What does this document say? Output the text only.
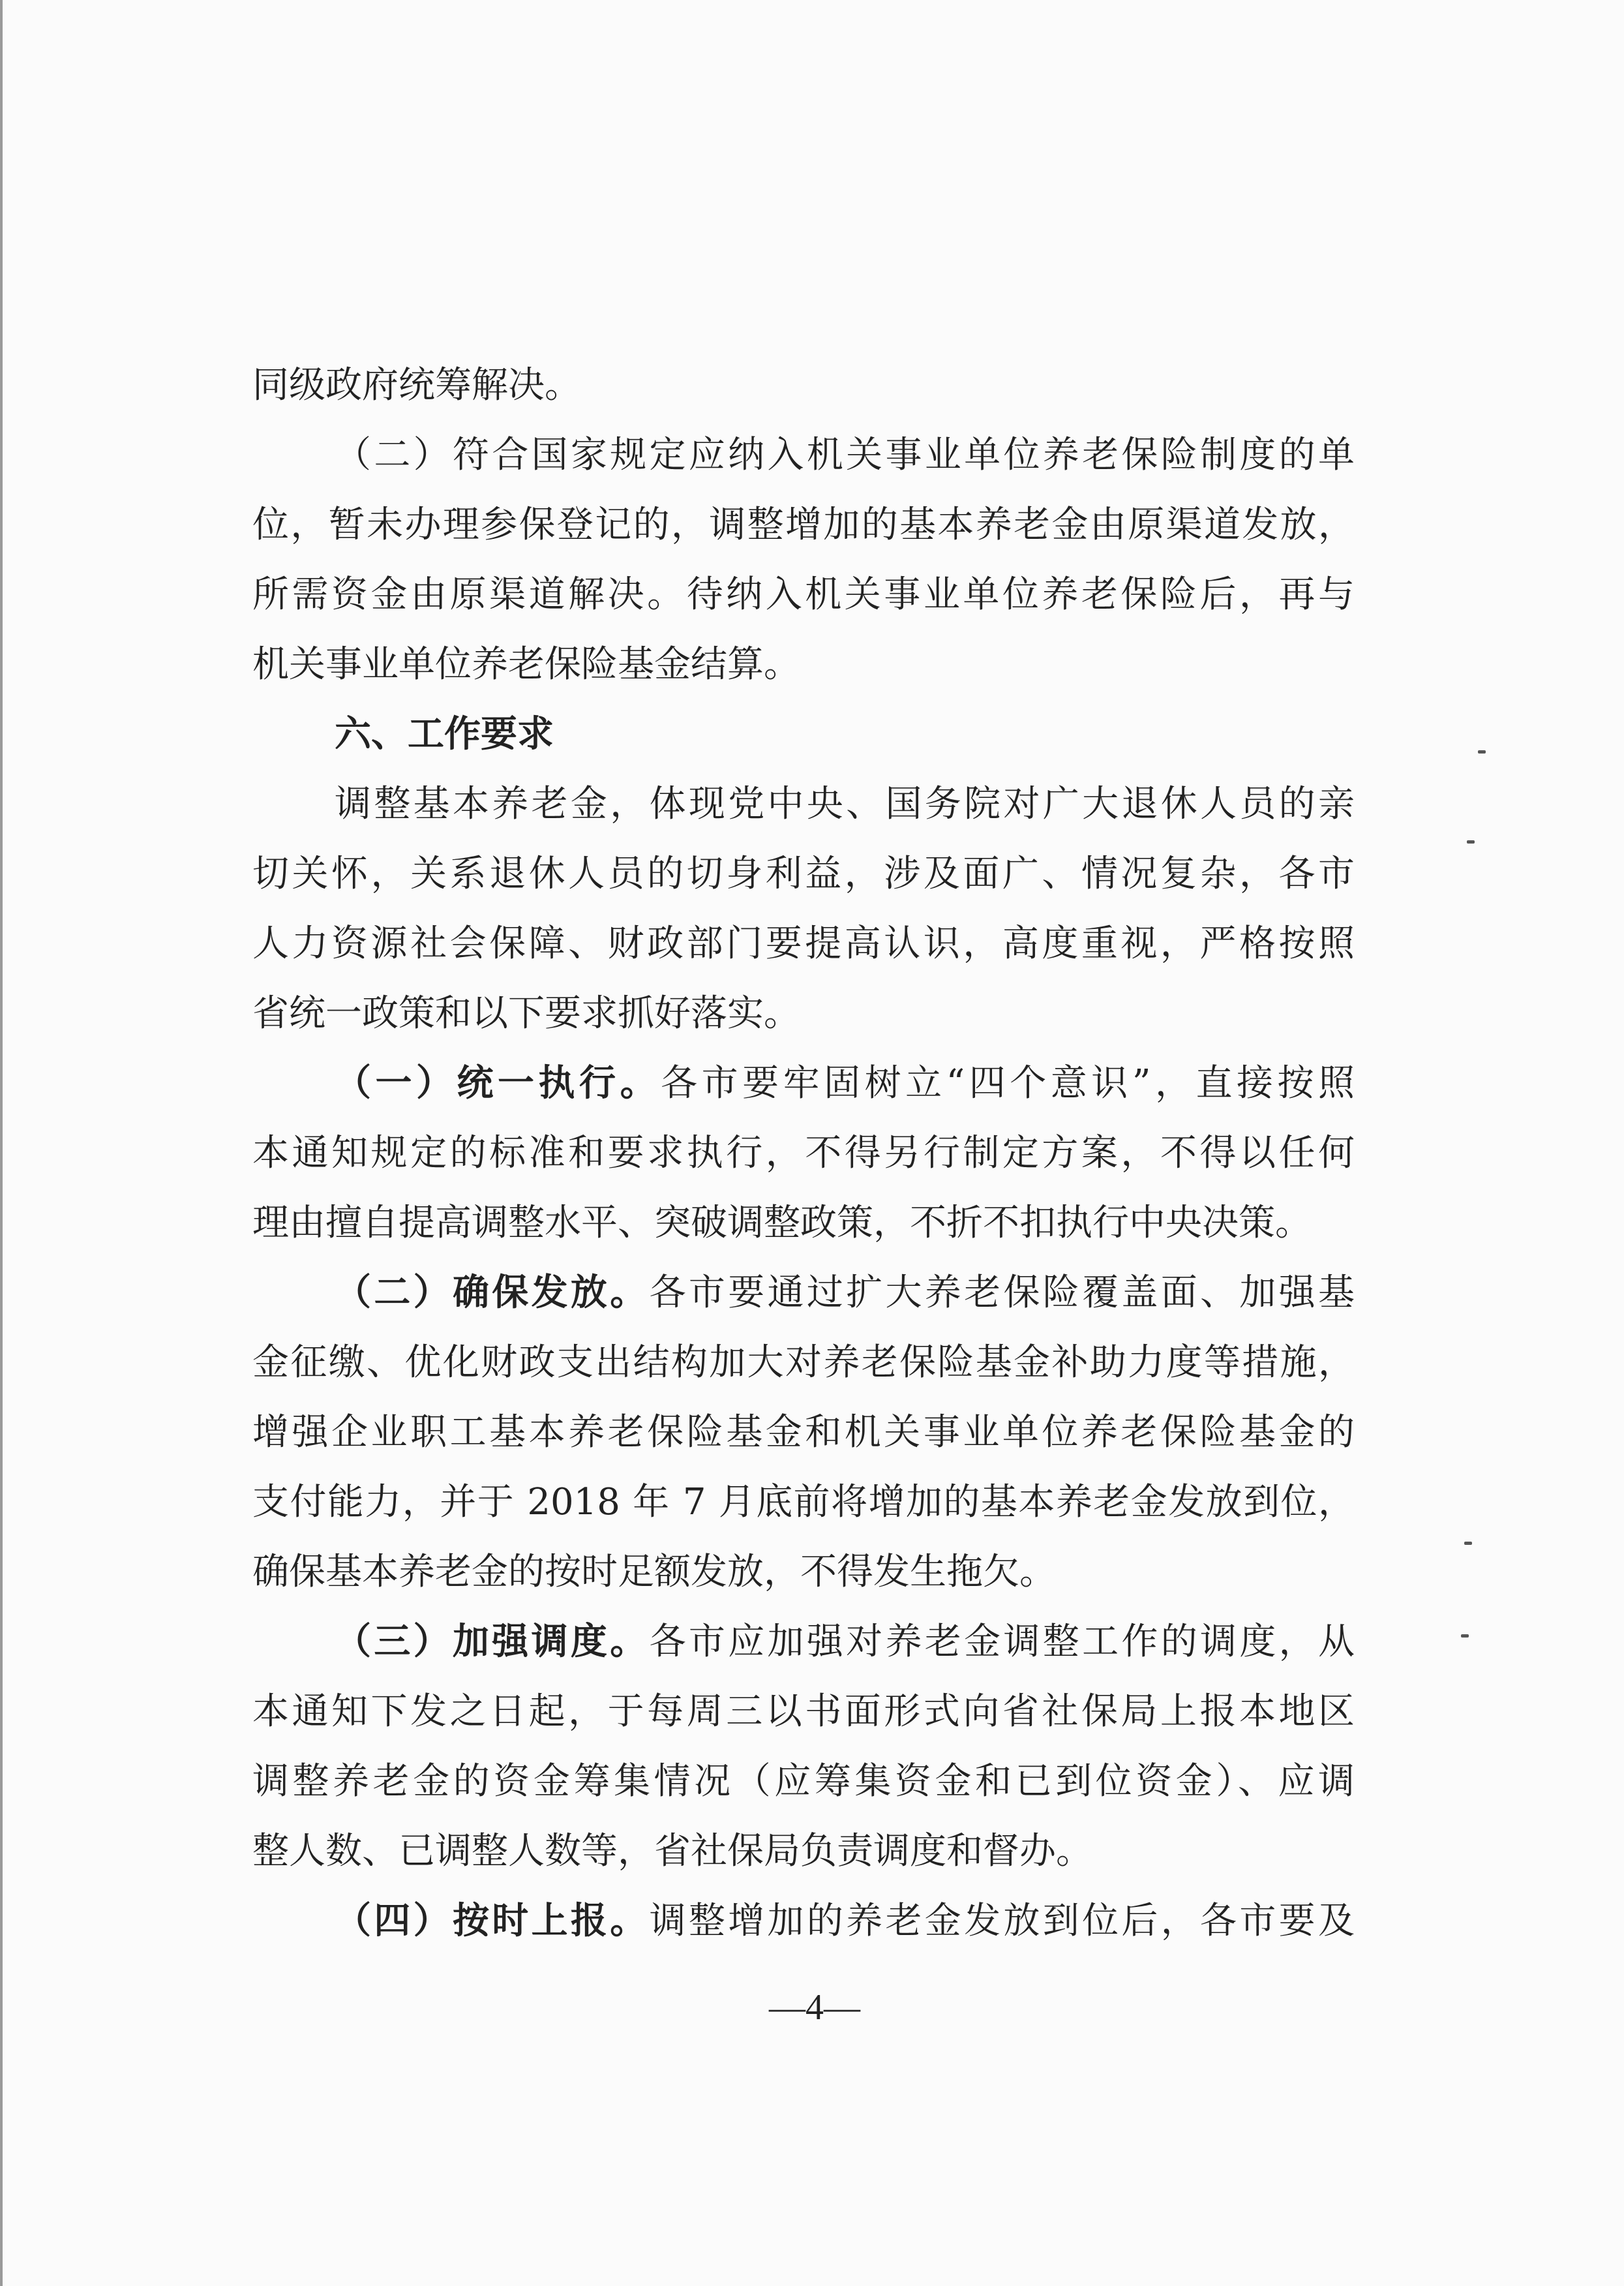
同级政府统筹解决。
（二）符合国家规定应纳入机关事业单位养老保险制度的单
位，暂未办理参保登记的，调整增加的基本养老金由原渠道发放，
所需资金由原渠道解决。待纳入机关事业单位养老保险后，再与
机关事业单位养老保险基金结算。
六、工作要求
调整基本养老金，体现党中央、国务院对广大退休人员的亲
切关怀，关系退休人员的切身利益，涉及面广、情况复杂，各市
人力资源社会保障、财政部门要提高认识，高度重视，严格按照
省统一政策和以下要求抓好落实。
（一）统一执行。各市要牢固树立“四个意识”，直接按照
本通知规定的标准和要求执行，不得另行制定方案，不得以任何
理由擅自提高调整水平、突破调整政策，不折不扣执行中央决策。
（二）确保发放。各市要通过扩大养老保险覆盖面、加强基
金征缴、优化财政支出结构加大对养老保险基金补助力度等措施，
增强企业职工基本养老保险基金和机关事业单位养老保险基金的
支付能力，并于 2018 年 7 月底前将增加的基本养老金发放到位，
确保基本养老金的按时足额发放，不得发生拖欠。
（三）加强调度。各市应加强对养老金调整工作的调度，从
本通知下发之日起，于每周三以书面形式向省社保局上报本地区
调整养老金的资金筹集情况（应筹集资金和已到位资金）、应调
整人数、已调整人数等，省社保局负责调度和督办。
（四）按时上报。调整增加的养老金发放到位后，各市要及
—4—
